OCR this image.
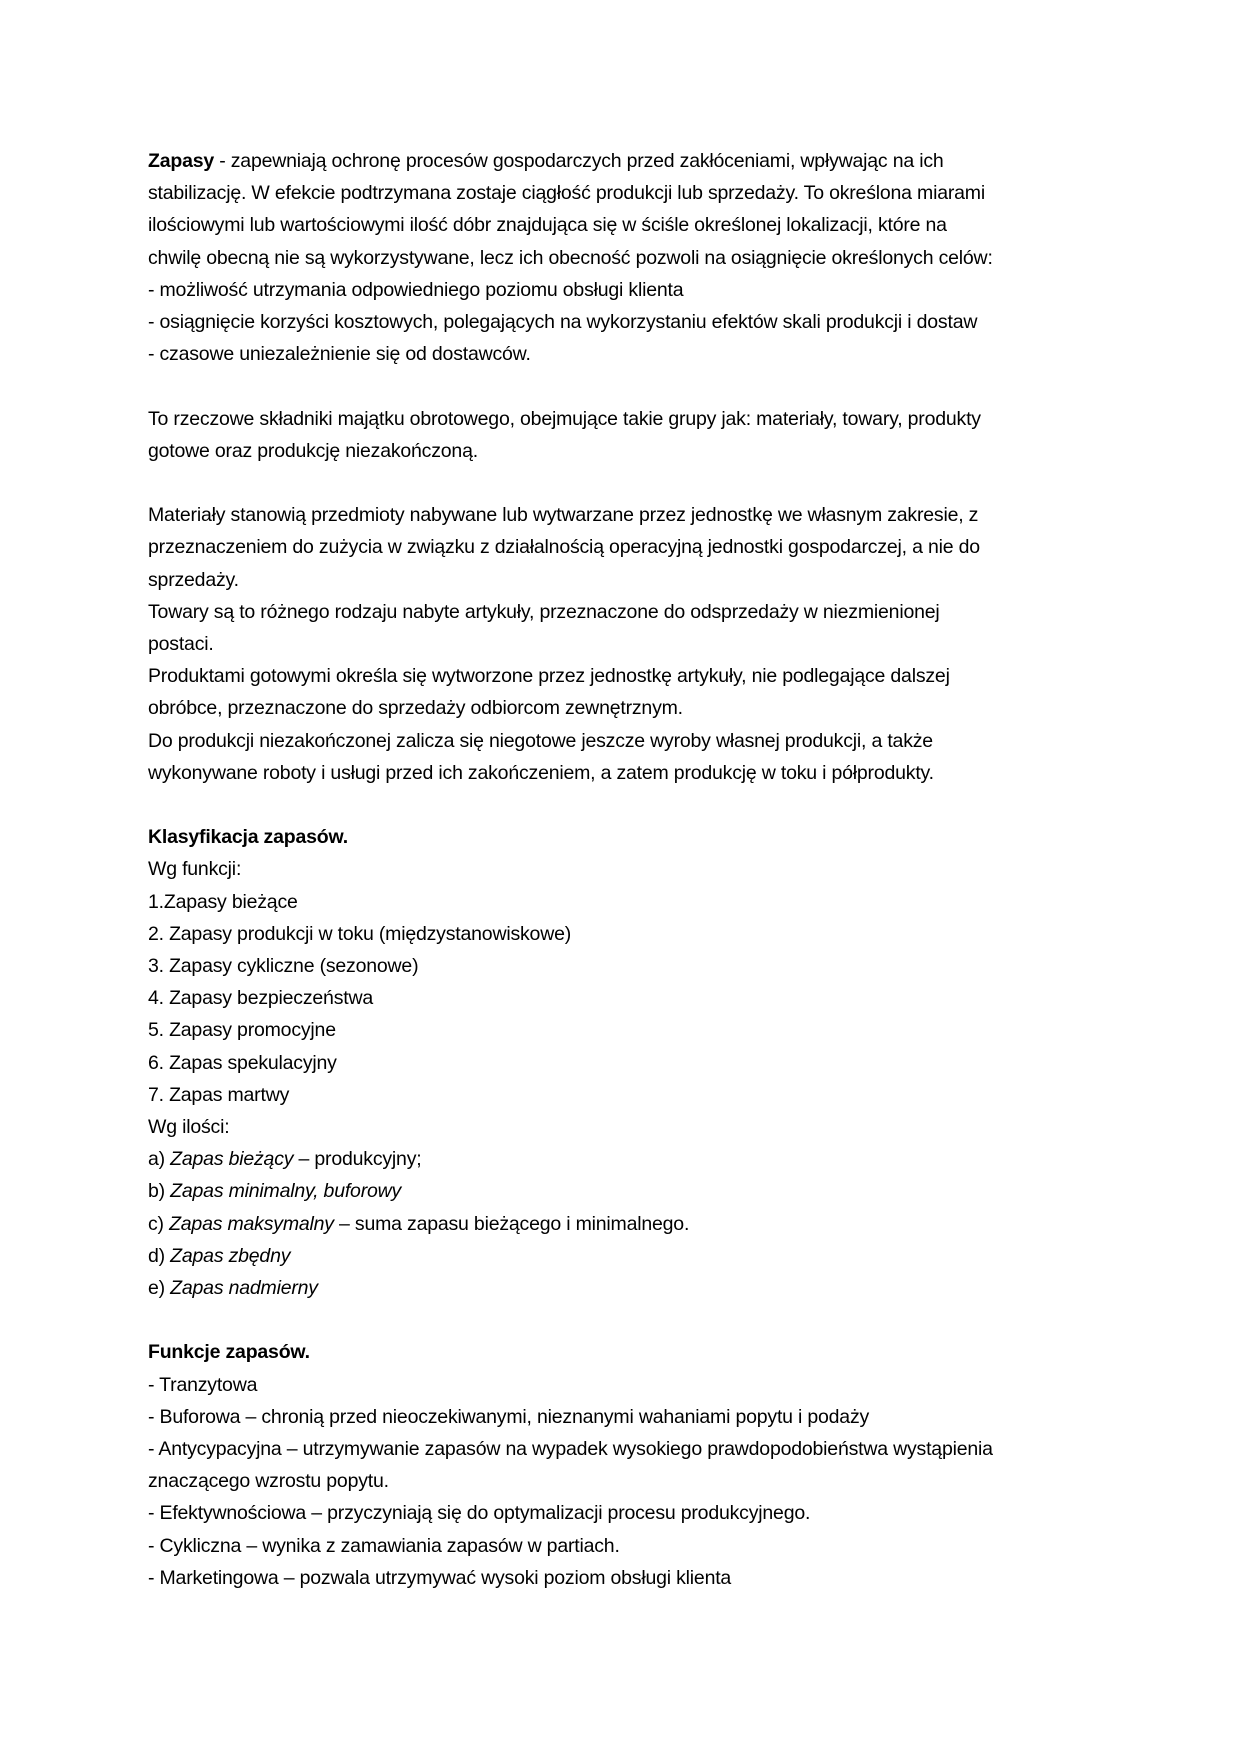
Zapasy - zapewniają ochronę procesów gospodarczych przed zakłóceniami, wpływając na ich
stabilizację. W efekcie podtrzymana zostaje ciągłość produkcji lub sprzedaży. To określona miarami
ilościowymi lub wartościowymi ilość dóbr znajdująca się w ściśle określonej lokalizacji, które na
chwilę obecną nie są wykorzystywane, lecz ich obecność pozwoli na osiągnięcie określonych celów:
- możliwość utrzymania odpowiedniego poziomu obsługi klienta
- osiągnięcie korzyści kosztowych, polegających na wykorzystaniu efektów skali produkcji i dostaw
- czasowe uniezależnienie się od dostawców.
To rzeczowe składniki majątku obrotowego, obejmujące takie grupy jak: materiały, towary, produkty
gotowe oraz produkcję niezakończoną.
Materiały stanowią przedmioty nabywane lub wytwarzane przez jednostkę we własnym zakresie, z
przeznaczeniem do zużycia w związku z działalnością operacyjną jednostki gospodarczej, a nie do
sprzedaży.
Towary są to różnego rodzaju nabyte artykuły, przeznaczone do odsprzedaży w niezmienionej
postaci.
Produktami gotowymi określa się wytworzone przez jednostkę artykuły, nie podlegające dalszej
obróbce, przeznaczone do sprzedaży odbiorcom zewnętrznym.
Do produkcji niezakończonej zalicza się niegotowe jeszcze wyroby własnej produkcji, a także
wykonywane roboty i usługi przed ich zakończeniem, a zatem produkcję w toku i półprodukty.
Klasyfikacja zapasów.
Wg funkcji:
1.Zapasy bieżące
2. Zapasy produkcji w toku (międzystanowiskowe)
3. Zapasy cykliczne (sezonowe)
4. Zapasy bezpieczeństwa
5. Zapasy promocyjne
6. Zapas spekulacyjny
7. Zapas martwy
Wg ilości:
a) Zapas bieżący – produkcyjny;
b) Zapas minimalny, buforowy
c) Zapas maksymalny – suma zapasu bieżącego i minimalnego.
d) Zapas zbędny
e) Zapas nadmierny
Funkcje zapasów.
- Tranzytowa
- Buforowa – chronią przed nieoczekiwanymi, nieznanymi wahaniami popytu i podaży
- Antycypacyjna – utrzymywanie zapasów na wypadek wysokiego prawdopodobieństwa wystąpienia
znaczącego wzrostu popytu.
- Efektywnościowa – przyczyniają się do optymalizacji procesu produkcyjnego.
- Cykliczna – wynika z zamawiania zapasów w partiach.
- Marketingowa – pozwala utrzymywać wysoki poziom obsługi klienta
